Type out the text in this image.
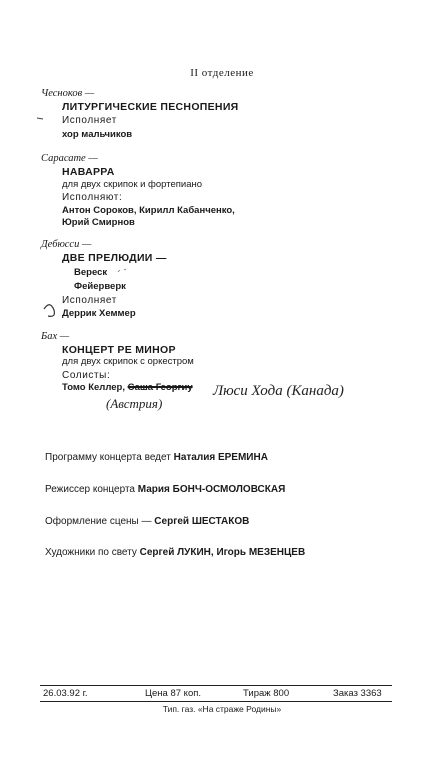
II отделение
Чесноков —
ЛИТУРГИЧЕСКИЕ ПЕСНОПЕНИЯ
Исполняет
хор мальчиков
Сарасате —
НАВАРРА
для двух скрипок и фортепиано
Исполняют:
Антон Сороков, Кирилл Кабанченко,
Юрий Смирнов
Дебюсси —
ДВЕ ПРЕЛЮДИИ —
Вереск
Фейерверк
Исполняет
Деррик Хеммер
Бах —
КОНЦЕРТ РЕ МИНОР
для двух скрипок с оркестром
Солисты:
Томо Келлер, Саша Георгиу Люси Хода (Канада)
(Австрия)
Программу концерта ведет Наталия ЕРЕМИНА
Режиссер концерта Мария БОНЧ-ОСМОЛОВСКАЯ
Оформление сцены — Сергей ШЕСТАКОВ
Художники по свету Сергей ЛУКИН, Игорь МЕЗЕНЦЕВ
26.03.92 г.	Цена 87 коп.	Тираж 800	Заказ 3363
Тип. газ. «На страже Родины»
